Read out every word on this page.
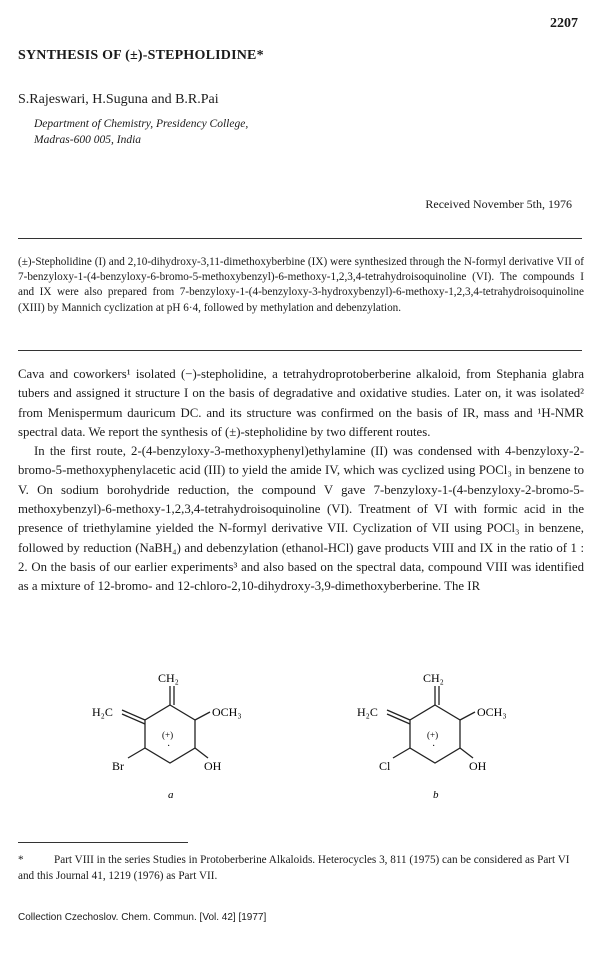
2207
SYNTHESIS OF (±)-STEPHOLIDINE*
S.Rajeswari, H.Suguna and B.R.Pai
Department of Chemistry, Presidency College,
Madras-600 005, India
Received November 5th, 1976
(±)-Stepholidine (I) and 2,10-dihydroxy-3,11-dimethoxyberbine (IX) were synthesized through the N-formyl derivative VII of 7-benzyloxy-1-(4-benzyloxy-6-bromo-5-methoxybenzyl)-6-methoxy-1,2,3,4-tetrahydroisoquinoline (VI). The compounds I and IX were also prepared from 7-benzyloxy-1-(4-benzyloxy-3-hydroxybenzyl)-6-methoxy-1,2,3,4-tetrahydroisoquinoline (XIII) by Mannich cyclization at pH 6·4, followed by methylation and debenzylation.

Cava and coworkers¹ isolated (−)-stepholidine, a tetrahydroprotoberberine alkaloid, from Stephania glabra tubers and assigned it structure I on the basis of degradative and oxidative studies. Later on, it was isolated² from Menispermum dauricum DC. and its structure was confirmed on the basis of IR, mass and ¹H-NMR spectral data. We report the synthesis of (±)-stepholidine by two different routes.

In the first route, 2-(4-benzyloxy-3-methoxyphenyl)ethylamine (II) was condensed with 4-benzyloxy-2-bromo-5-methoxyphenylacetic acid (III) to yield the amide IV, which was cyclized using POCl₃ in benzene to V. On sodium borohydride reduction, the compound V gave 7-benzyloxy-1-(4-benzyloxy-2-bromo-5-methoxybenzyl)-6-methoxy-1,2,3,4-tetrahydroisoquinoline (VI). Treatment of VI with formic acid in the presence of triethylamine yielded the N-formyl derivative VII. Cyclization of VII using POCl₃ in benzene, followed by reduction (NaBH₄) and debenzylation (ethanol-HCl) gave products VIII and IX in the ratio of 1 : 2. On the basis of our earlier experiments³ and also based on the spectral data, compound VIII was identified as a mixture of 12-bromo- and 12-chloro-2,10-dihydroxy-3,9-dimethoxyberberine. The IR

CH₂
H₂C	OCH₃
Br	OH
(+)
·
a
CH₂
H₂C	OCH₃
Cl	OH
(+)
·
b
*	Part VIII in the series Studies in Protoberberine Alkaloids. Heterocycles 3, 811 (1975) can be considered as Part VI and this Journal 41, 1219 (1976) as Part VII.
Collection Czechoslov. Chem. Commun. [Vol. 42] [1977]
